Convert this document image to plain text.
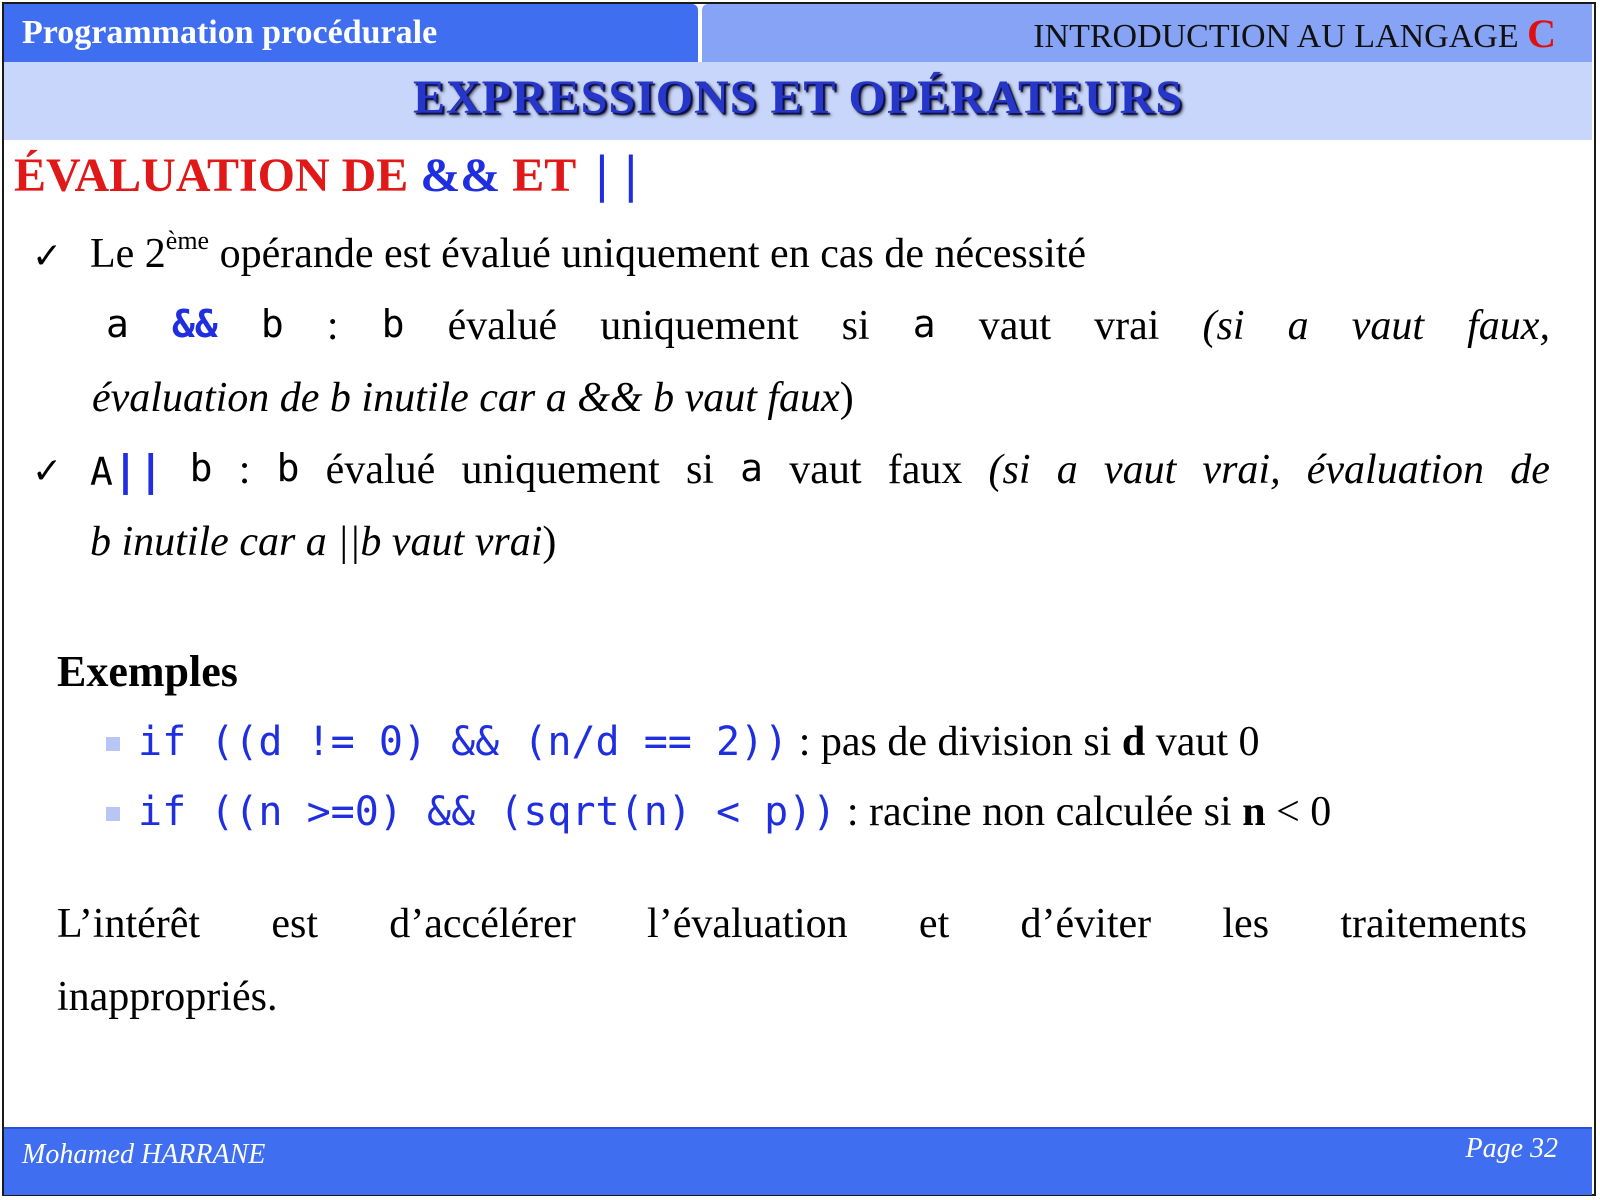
Programmation procédurale	INTRODUCTION AU LANGAGE C
EXPRESSIONS ET OPÉRATEURS
ÉVALUATION DE && ET ||
✓ Le 2ème opérande est évalué uniquement en cas de nécessité
a && b : b évalué uniquement si a vaut vrai (si a vaut faux,
évaluation de b inutile car a && b vaut faux)
✓ A|| b : b évalué uniquement si a vaut faux (si a vaut vrai, évaluation de
b inutile car a ||b vaut vrai)
Exemples
if ((d != 0) && (n/d == 2)) : pas de division si d vaut 0
if ((n >=0) && (sqrt(n) < p)) : racine non calculée si n < 0
L’intérêt est d’accélérer l’évaluation et d’éviter les traitements
inappropriés.
Mohamed HARRANE	Page 32
